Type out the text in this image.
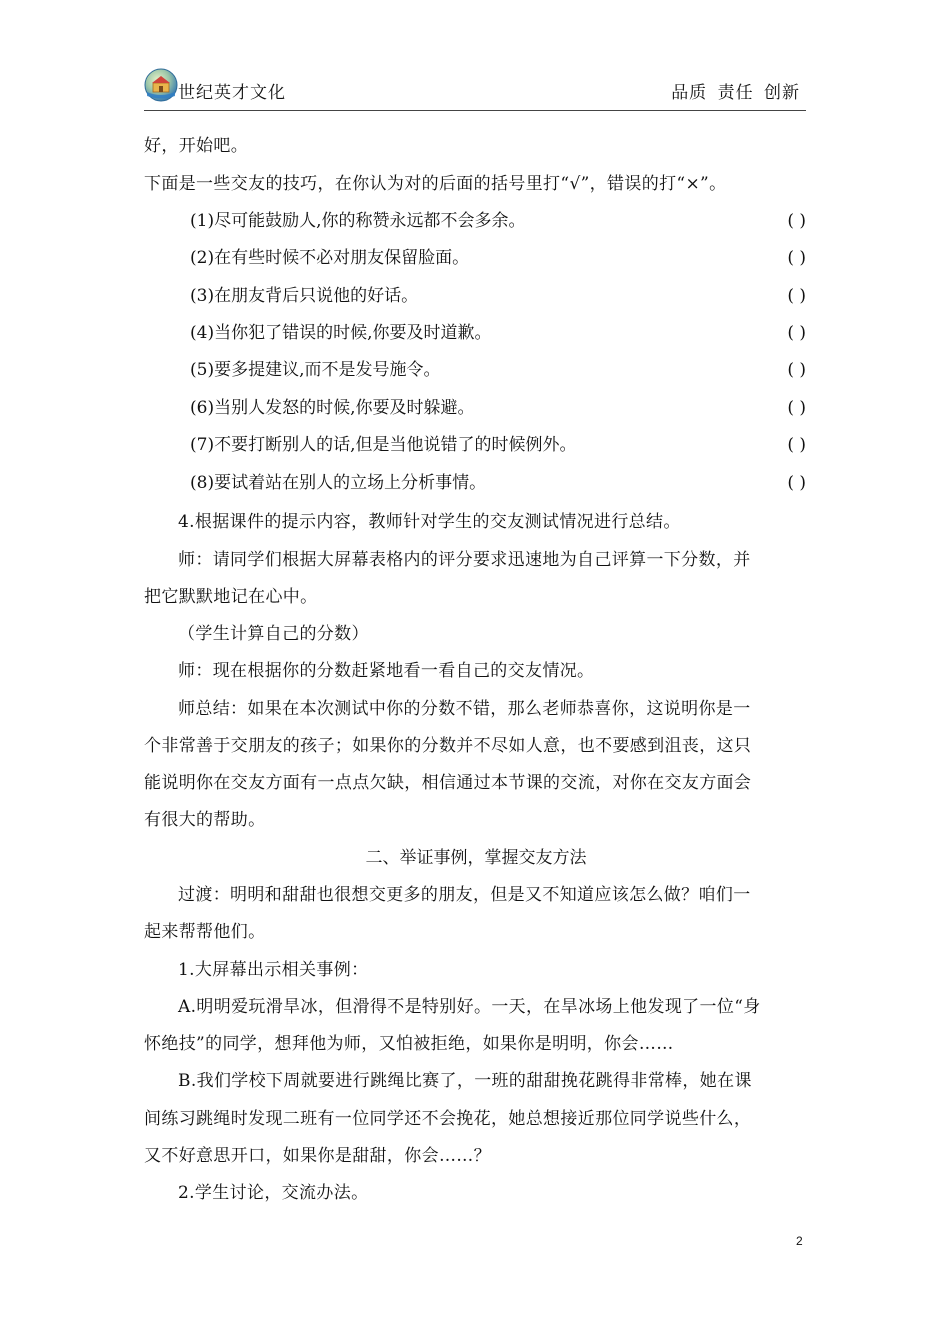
世纪英才文化	品质 责任 创新
好，开始吧。
下面是一些交友的技巧，在你认为对的后面的括号里打“√”，错误的打“×”。
(1)尽可能鼓励人,你的称赞永远都不会多余。	( )
(2)在有些时候不必对朋友保留脸面。	( )
(3)在朋友背后只说他的好话。	( )
(4)当你犯了错误的时候,你要及时道歉。	( )
(5)要多提建议,而不是发号施令。	( )
(6)当别人发怒的时候,你要及时躲避。	( )
(7)不要打断别人的话,但是当他说错了的时候例外。	( )
(8)要试着站在别人的立场上分析事情。	( )
4.根据课件的提示内容，教师针对学生的交友测试情况进行总结。
师：请同学们根据大屏幕表格内的评分要求迅速地为自己评算一下分数，并
把它默默地记在心中。
（学生计算自己的分数）
师：现在根据你的分数赶紧地看一看自己的交友情况。
师总结：如果在本次测试中你的分数不错，那么老师恭喜你，这说明你是一
个非常善于交朋友的孩子；如果你的分数并不尽如人意，也不要感到沮丧，这只
能说明你在交友方面有一点点欠缺，相信通过本节课的交流，对你在交友方面会
有很大的帮助。
二、举证事例，掌握交友方法
过渡：明明和甜甜也很想交更多的朋友，但是又不知道应该怎么做？咱们一
起来帮帮他们。
1.大屏幕出示相关事例：
A.明明爱玩滑旱冰，但滑得不是特别好。一天，在旱冰场上他发现了一位“身
怀绝技”的同学，想拜他为师，又怕被拒绝，如果你是明明，你会……
B.我们学校下周就要进行跳绳比赛了，一班的甜甜挽花跳得非常棒，她在课
间练习跳绳时发现二班有一位同学还不会挽花，她总想接近那位同学说些什么，
又不好意思开口，如果你是甜甜，你会……？
2.学生讨论，交流办法。
2
